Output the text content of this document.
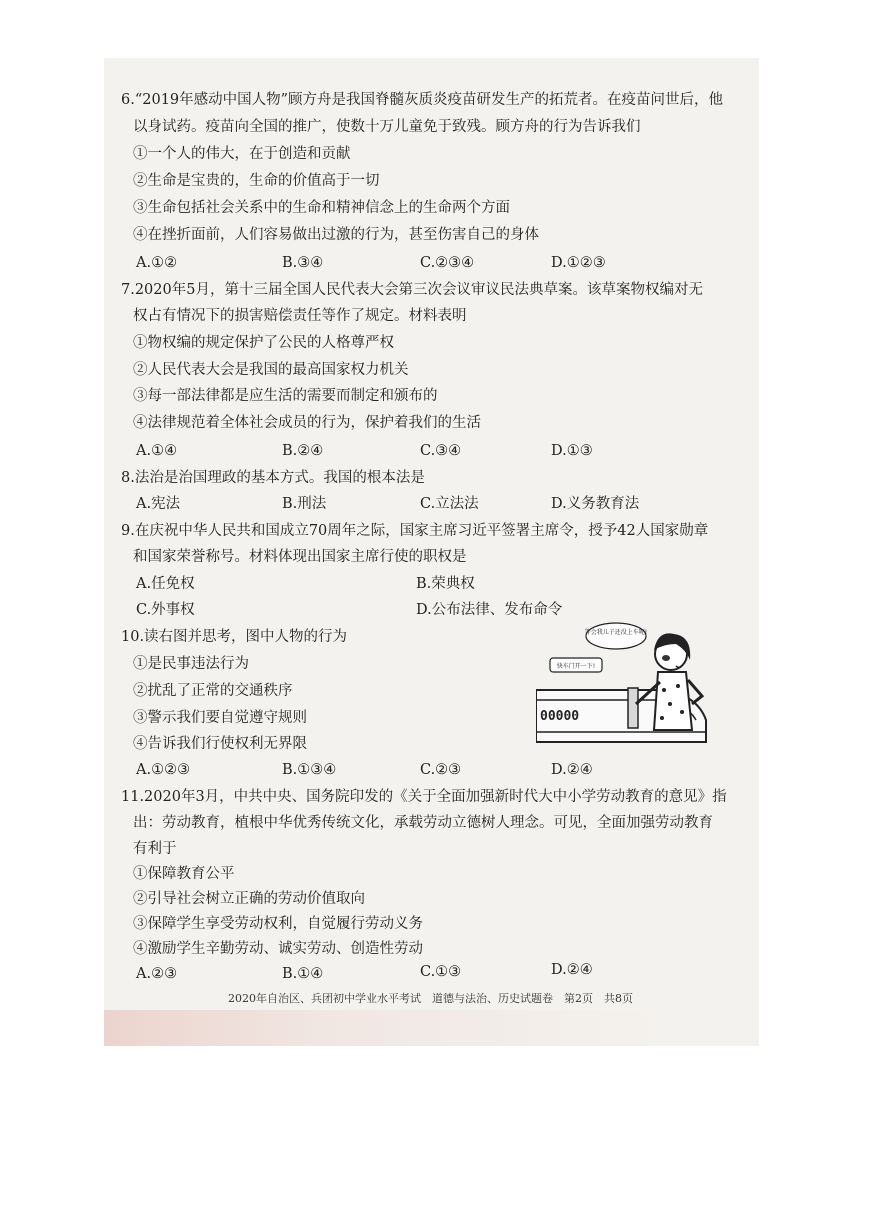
6.“2019年感动中国人物”顾方舟是我国脊髓灰质炎疫苗研发生产的拓荒者。在疫苗问世后，他
以身试药。疫苗向全国的推广，使数十万儿童免于致残。顾方舟的行为告诉我们
①一个人的伟大，在于创造和贡献
②生命是宝贵的，生命的价值高于一切
③生命包括社会关系中的生命和精神信念上的生命两个方面
④在挫折面前，人们容易做出过激的行为，甚至伤害自己的身体
A.①②	B.③④	C.②③④	D.①②③
7.2020年5月，第十三届全国人民代表大会第三次会议审议民法典草案。该草案物权编对无
权占有情况下的损害赔偿责任等作了规定。材料表明
①物权编的规定保护了公民的人格尊严权
②人民代表大会是我国的最高国家权力机关
③每一部法律都是应生活的需要而制定和颁布的
④法律规范着全体社会成员的行为，保护着我们的生活
A.①④	B.②④	C.③④	D.①③
8.法治是治国理政的基本方式。我国的根本法是
A.宪法	B.刑法	C.立法法	D.义务教育法
9.在庆祝中华人民共和国成立70周年之际，国家主席习近平签署主席令，授予42人国家勋章
和国家荣誉称号。材料体现出国家主席行使的职权是
A.任免权	B.荣典权
C.外事权	D.公布法律、发布命令
10.读右图并思考，图中人物的行为
①是民事违法行为
②扰乱了正常的交通秩序
③警示我们要自觉遵守规则
④告诉我们行使权利无界限
A.①②③	B.①③④	C.②③	D.②④
00000
等会我儿子还没上车呢!
快车门开一下!
11.2020年3月，中共中央、国务院印发的《关于全面加强新时代大中小学劳动教育的意见》指
出：劳动教育，植根中华优秀传统文化，承载劳动立德树人理念。可见，全面加强劳动教育
有利于
①保障教育公平
②引导社会树立正确的劳动价值取向
③保障学生享受劳动权利，自觉履行劳动义务
④激励学生辛勤劳动、诚实劳动、创造性劳动
A.②③	B.①④	C.①③	D.②④
2020年自治区、兵团初中学业水平考试　道德与法治、历史试题卷　第2页　共8页
